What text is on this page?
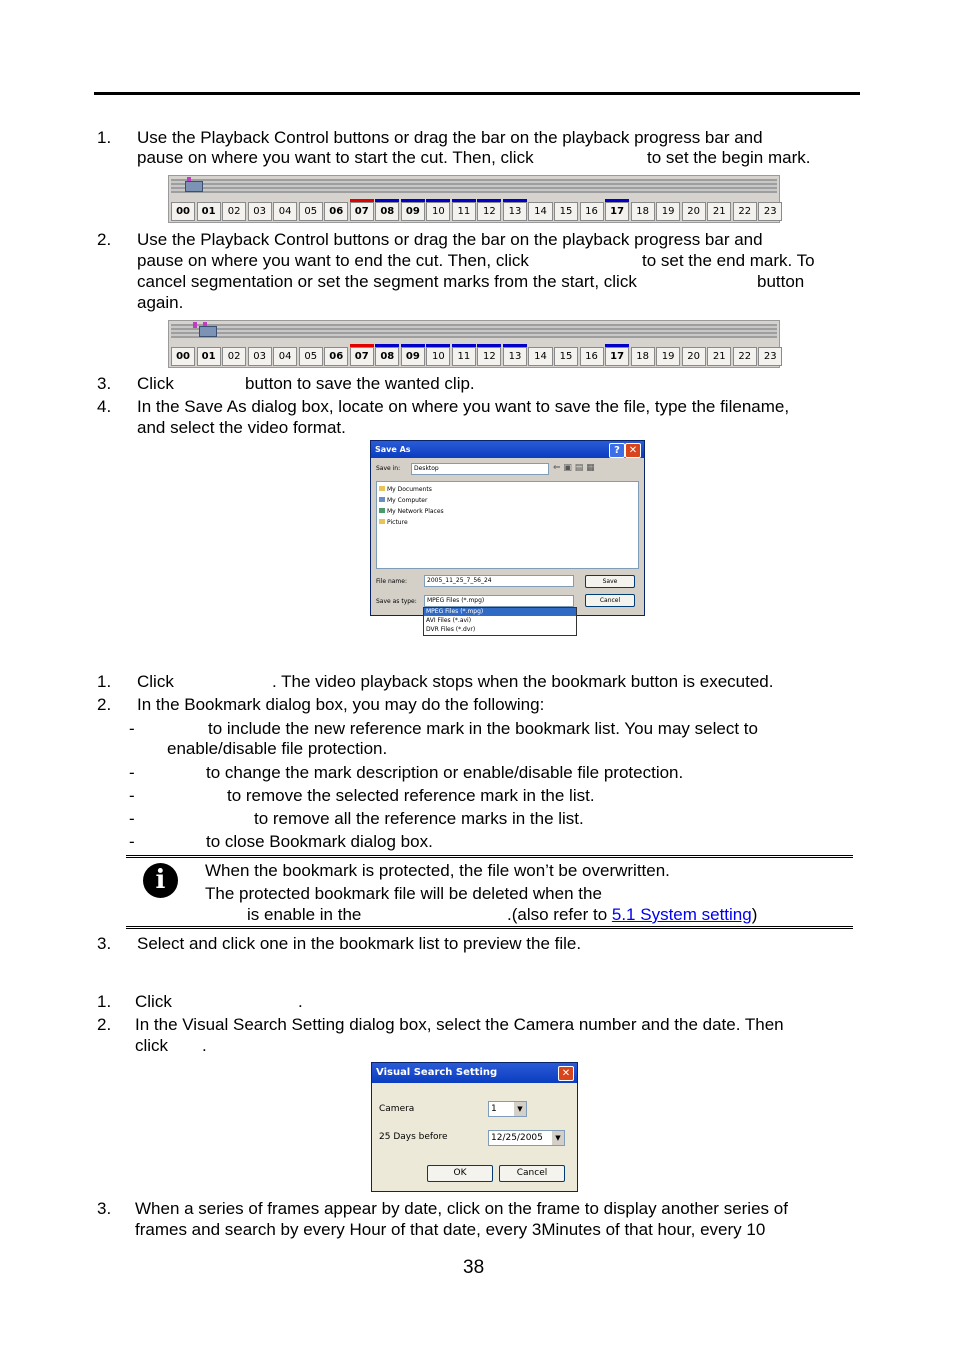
1. Use the Playback Control buttons or drag the bar on the playback progress bar and
pause on where you want to start the cut. Then, click	to set the begin mark.
00	01	02	03	04	05	06	07	08	09	10	11	12	13	14	15	16	17	18	19	20	21	22	23
2. Use the Playback Control buttons or drag the bar on the playback progress bar and
pause on where you want to end the cut. Then, click	to set the end mark. To
cancel segmentation or set the segment marks from the start, click	button
again.
00	01	02	03	04	05	06	07	08	09	10	11	12	13	14	15	16	17	18	19	20	21	22	23
3. Click	button to save the wanted clip.
4. In the Save As dialog box, locate on where you want to save the file, type the filename,
and select the video format.
Save As	? ✕
Save in:	Desktop	⇐ ▣ ▤ ▦
My Documents
My Computer
My Network Places
Picture
File name:	2005_11_25_7_56_24
Save as type:	MPEG Files (*.mpg)
Save
Cancel
MPEG Files (*.mpg)
AVI Files (*.avi)
DVR Files (*.dvr)
1. Click	. The video playback stops when the bookmark button is executed.
2. In the Bookmark dialog box, you may do the following:
-	to include the new reference mark in the bookmark list. You may select to
enable/disable file protection.
-	to change the mark description or enable/disable file protection.
-	to remove the selected reference mark in the list.
-	to remove all the reference marks in the list.
-	to close Bookmark dialog box.
i	When the bookmark is protected, the file won’t be overwritten.
The protected bookmark file will be deleted when the
is enable in the	.(also refer to 5.1 System setting)
3. Select and click one in the bookmark list to preview the file.
1. Click	.
2. In the Visual Search Setting dialog box, select the Camera number and the date. Then
click .
Visual Search Setting	✕
Camera	1	▼
25 Days before	12/25/2005	▼
OK	Cancel
3. When a series of frames appear by date, click on the frame to display another series of
frames and search by every Hour of that date, every 3Minutes of that hour, every 10
38
